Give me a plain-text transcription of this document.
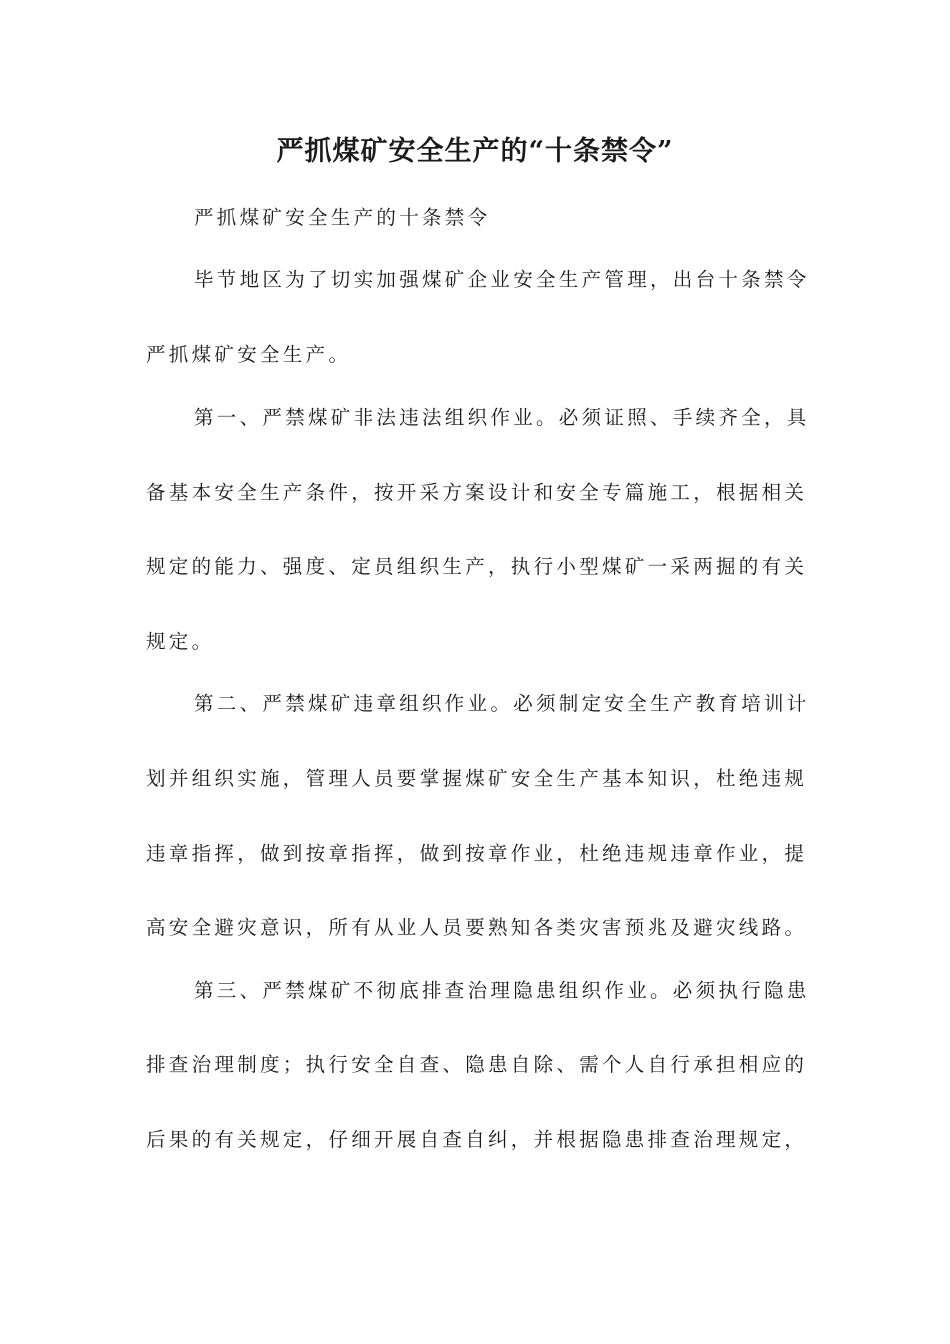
严抓煤矿安全生产的“十条禁令”

严抓煤矿安全生产的十条禁令

毕节地区为了切实加强煤矿企业安全生产管理，出台十条禁令

严抓煤矿安全生产。

第一、严禁煤矿非法违法组织作业。必须证照、手续齐全，具

备基本安全生产条件，按开采方案设计和安全专篇施工，根据相关

规定的能力、强度、定员组织生产，执行小型煤矿一采两掘的有关

规定。

第二、严禁煤矿违章组织作业。必须制定安全生产教育培训计

划并组织实施，管理人员要掌握煤矿安全生产基本知识，杜绝违规

违章指挥，做到按章指挥，做到按章作业，杜绝违规违章作业，提

高安全避灾意识，所有从业人员要熟知各类灾害预兆及避灾线路。

第三、严禁煤矿不彻底排查治理隐患组织作业。必须执行隐患

排查治理制度；执行安全自查、隐患自除、需个人自行承担相应的

后果的有关规定，仔细开展自查自纠，并根据隐患排查治理规定，
